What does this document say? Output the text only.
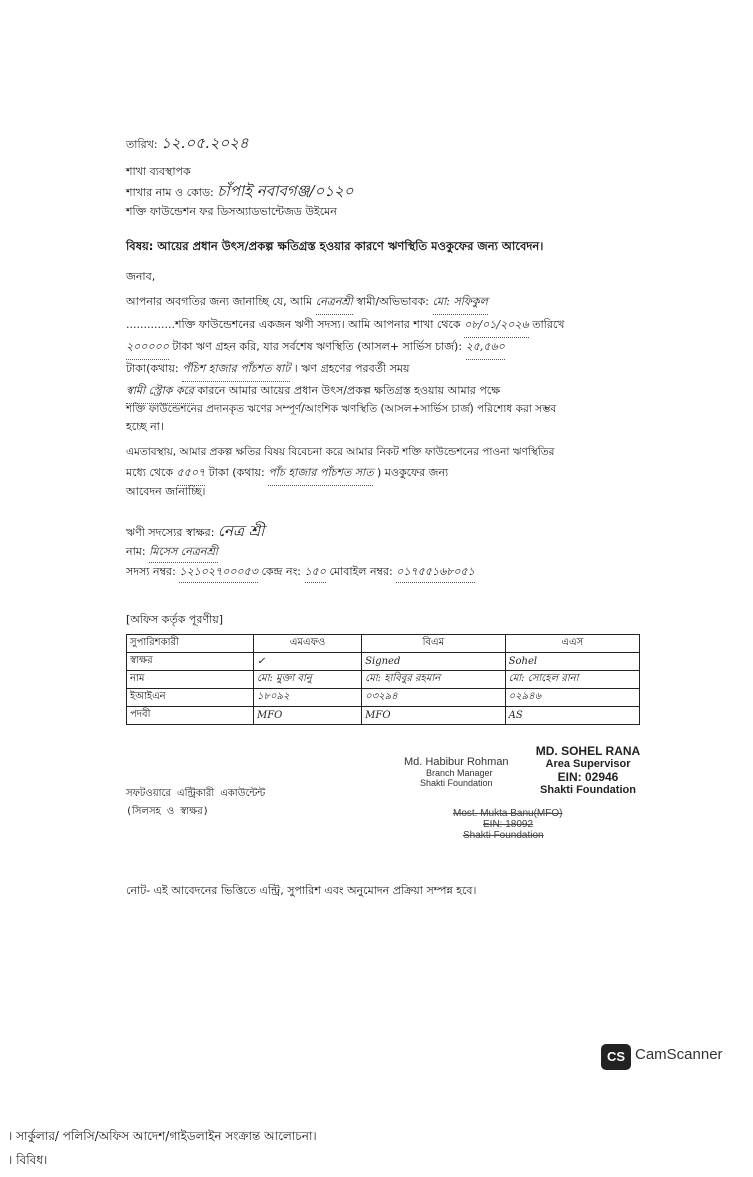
তারিখ: ১২.০৫.২০২৪
শাখা ব্যবস্থাপক
শাখার নাম ও কোড: চাঁপাই নবাবগঞ্জ/০১২০
শক্তি ফাউন্ডেশন ফর ডিসঅ্যাডভান্টেজড উইমেন
বিষয়: আয়ের প্রধান উৎস/প্রকল্প ক্ষতিগ্রস্ত হওয়ার কারণে ঋণস্থিতি মওকুফের জন্য আবেদন।
জনাব,
আপনার অবগতির জন্য জানাচ্ছি যে, আমি নেত্রনশ্রী স্বামী/অভিভাবক: মো: সফিকুল
..............শক্তি ফাউন্ডেশনের একজন ঋণী সদস্য। আমি আপনার শাখা থেকে ০৮/০১/২০২৬ তারিখে
২০০০০০ টাকা ঋণ গ্রহন করি, যার সর্বশেষ ঋণস্থিতি (আসল+ সার্ভিস চার্জ): ২৫,৫৬০
টাকা(কথায়: পঁচিশ হাজার পাঁচশত ষাট । ঋণ গ্রহণের পরবর্তী সময়
স্বামী স্ট্রোক করে কারনে আমার আয়ের প্রধান উৎস/প্রকল্প ক্ষতিগ্রস্ত হওয়ায় আমার পক্ষে
শক্তি ফাউন্ডেশনের প্রদানকৃত ঋণের সম্পূর্ণ/আংশিক ঋণস্থিতি (আসল+সার্ভিস চার্জ) পরিশোধ করা সম্ভব
হচ্ছে না।
এমতাবস্থায়, আমার প্রকল্প ক্ষতির বিষয় বিবেচনা করে আমার নিকট শক্তি ফাউন্ডেশনের পাওনা ঋণস্থিতির
মধ্যে থেকে ৫৫০৭ টাকা (কথায়: পাঁচ হাজার পাঁচশত সাত ) মওকুফের জন্য
আবেদন জানাচ্ছি।
ঋণী সদস্যের স্বাক্ষর: নেত্র শ্রী
নাম: মিসেস নেত্রনশ্রী
সদস্য নম্বর: ১২১০২৭০০০৫৩ কেন্দ্র নং: ১৫০ মোবাইল নম্বর: ০১৭৫৫১৬৮০৫১
[অফিস কর্তৃক পূরণীয়]
সুপারিশকারী	এমএফও	বিএম	এএস
স্বাক্ষর	✓	Signed	Sohel
নাম	মো: মুক্তা বানু	মো: হাবিবুর রহমান	মো: সোহেল রানা
ইআইএন	১৮০৯২	০৩২৯৪	০২৯৪৬
পদবী	MFO	MFO	AS
Md. Habibur Rohman
Branch Manager
Shakti Foundation
MD. SOHEL RANA
Area Supervisor
EIN: 02946
Shakti Foundation
Most. Mukta Banu(MFO)
EIN: 18092
Shakti Foundation
সফটওয়ারে এন্ট্রিকারী একাউন্টেন্ট
(সিলসহ ও স্বাক্ষর)
নোট- এই আবেদনের ভিত্তিতে এন্ট্রি, সুপারিশ এবং অনুমোদন প্রক্রিয়া সম্পন্ন হবে।
CS CamScanner
। সার্কুলার/ পলিসি/অফিস আদেশ/গাইডলাইন সংক্রান্ত আলোচনা।
। বিবিধ।
